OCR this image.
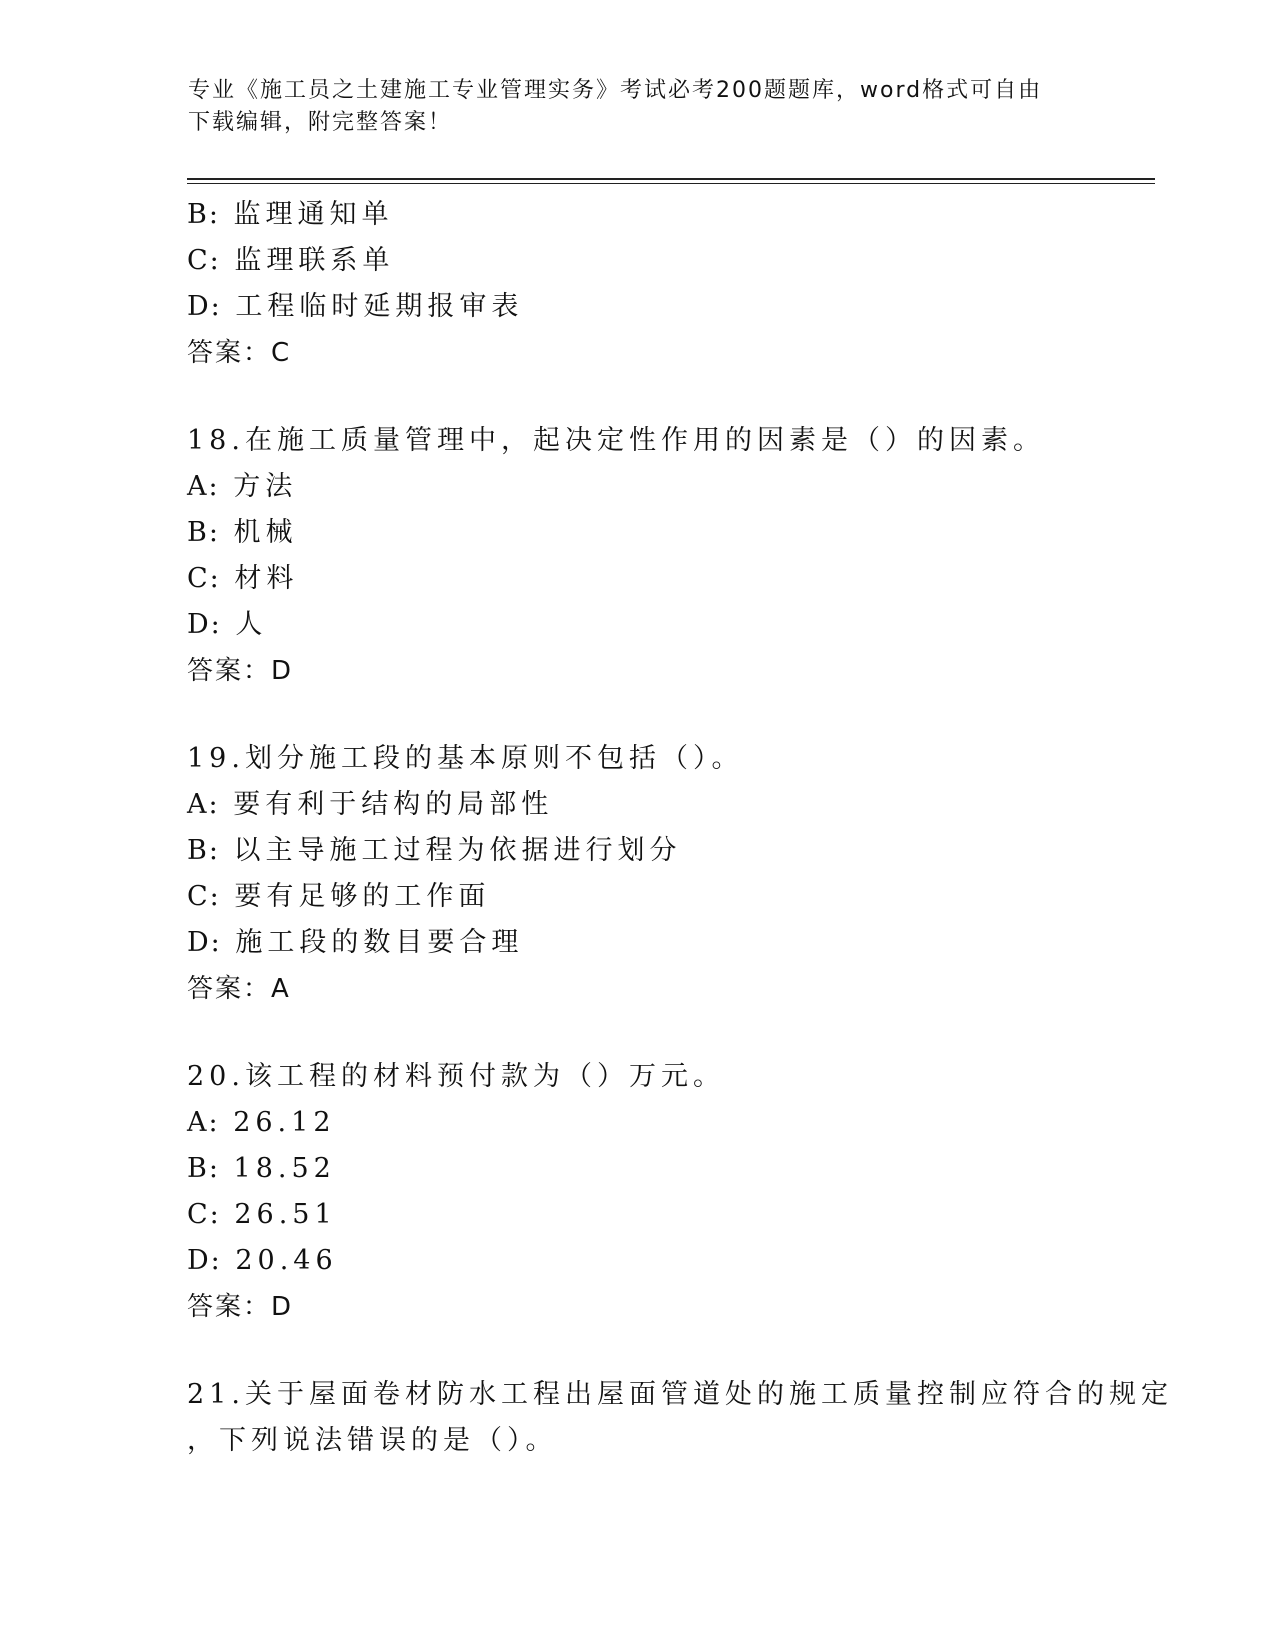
专业《施工员之土建施工专业管理实务》考试必考200题题库，word格式可自由
下载编辑，附完整答案！
B: 监理通知单
C: 监理联系单
D: 工程临时延期报审表
答案：C
18.在施工质量管理中，起决定性作用的因素是（）的因素。
A: 方法
B: 机械
C: 材料
D: 人
答案：D
19.划分施工段的基本原则不包括（）。
A: 要有利于结构的局部性
B: 以主导施工过程为依据进行划分
C: 要有足够的工作面
D: 施工段的数目要合理
答案：A
20.该工程的材料预付款为（）万元。
A: 26.12
B: 18.52
C: 26.51
D: 20.46
答案：D
21.关于屋面卷材防水工程出屋面管道处的施工质量控制应符合的规定
，下列说法错误的是（）。
